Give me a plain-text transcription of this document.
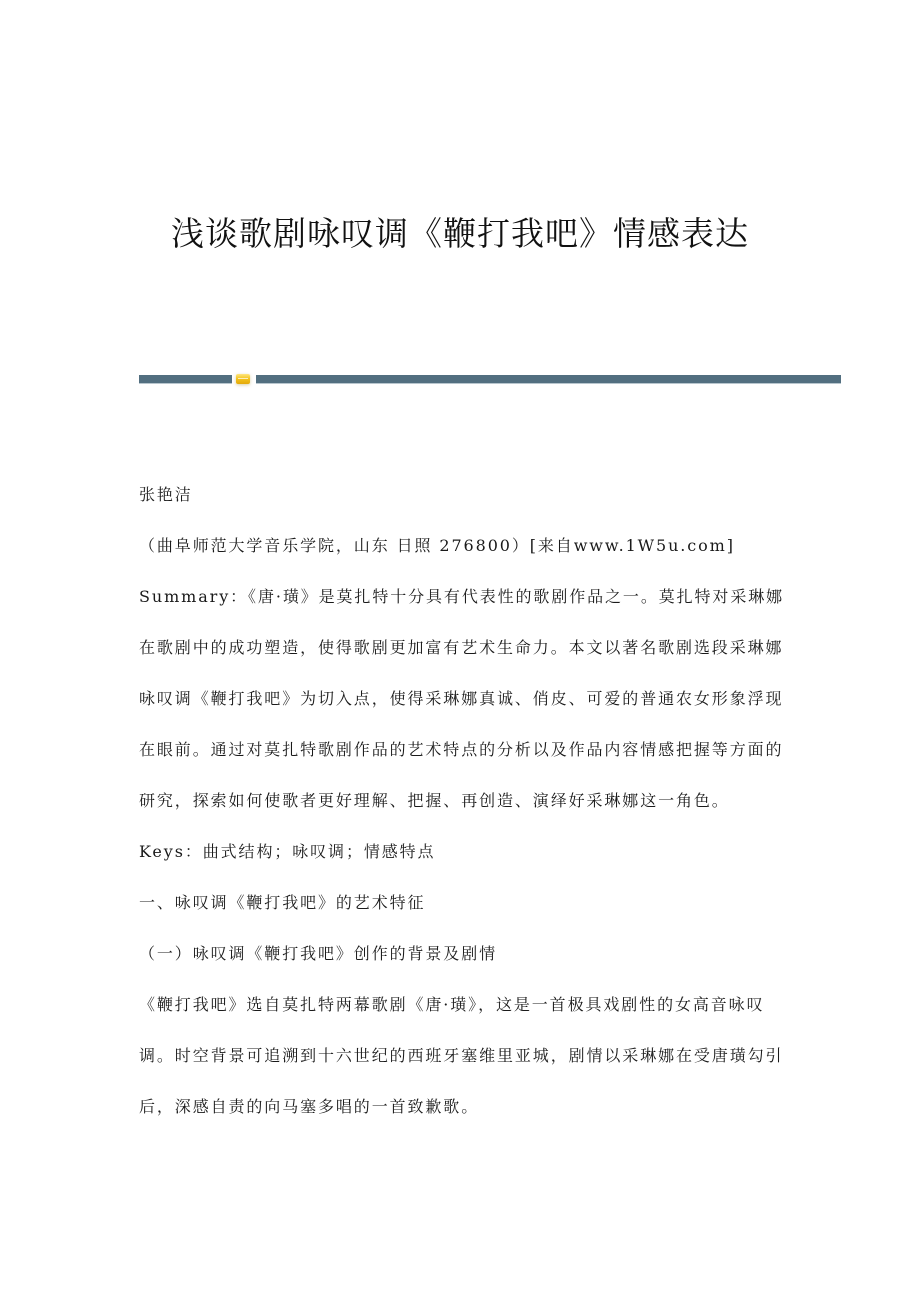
浅谈歌剧咏叹调《鞭打我吧》情感表达

张艳洁

（曲阜师范大学音乐学院，山东 日照 276800）[来自www.1W5u.com]

Summary：《唐·璜》是莫扎特十分具有代表性的歌剧作品之一。莫扎特对采琳娜在歌剧中的成功塑造，使得歌剧更加富有艺术生命力。本文以著名歌剧选段采琳娜咏叹调《鞭打我吧》为切入点，使得采琳娜真诚、俏皮、可爱的普通农女形象浮现在眼前。通过对莫扎特歌剧作品的艺术特点的分析以及作品内容情感把握等方面的研究，探索如何使歌者更好理解、把握、再创造、演绎好采琳娜这一角色。

Keys：曲式结构；咏叹调；情感特点

一、咏叹调《鞭打我吧》的艺术特征

（一）咏叹调《鞭打我吧》创作的背景及剧情

《鞭打我吧》选自莫扎特两幕歌剧《唐·璜》，这是一首极具戏剧性的女高音咏叹调。时空背景可追溯到十六世纪的西班牙塞维里亚城，剧情以采琳娜在受唐璜勾引后，深感自责的向马塞多唱的一首致歉歌。
